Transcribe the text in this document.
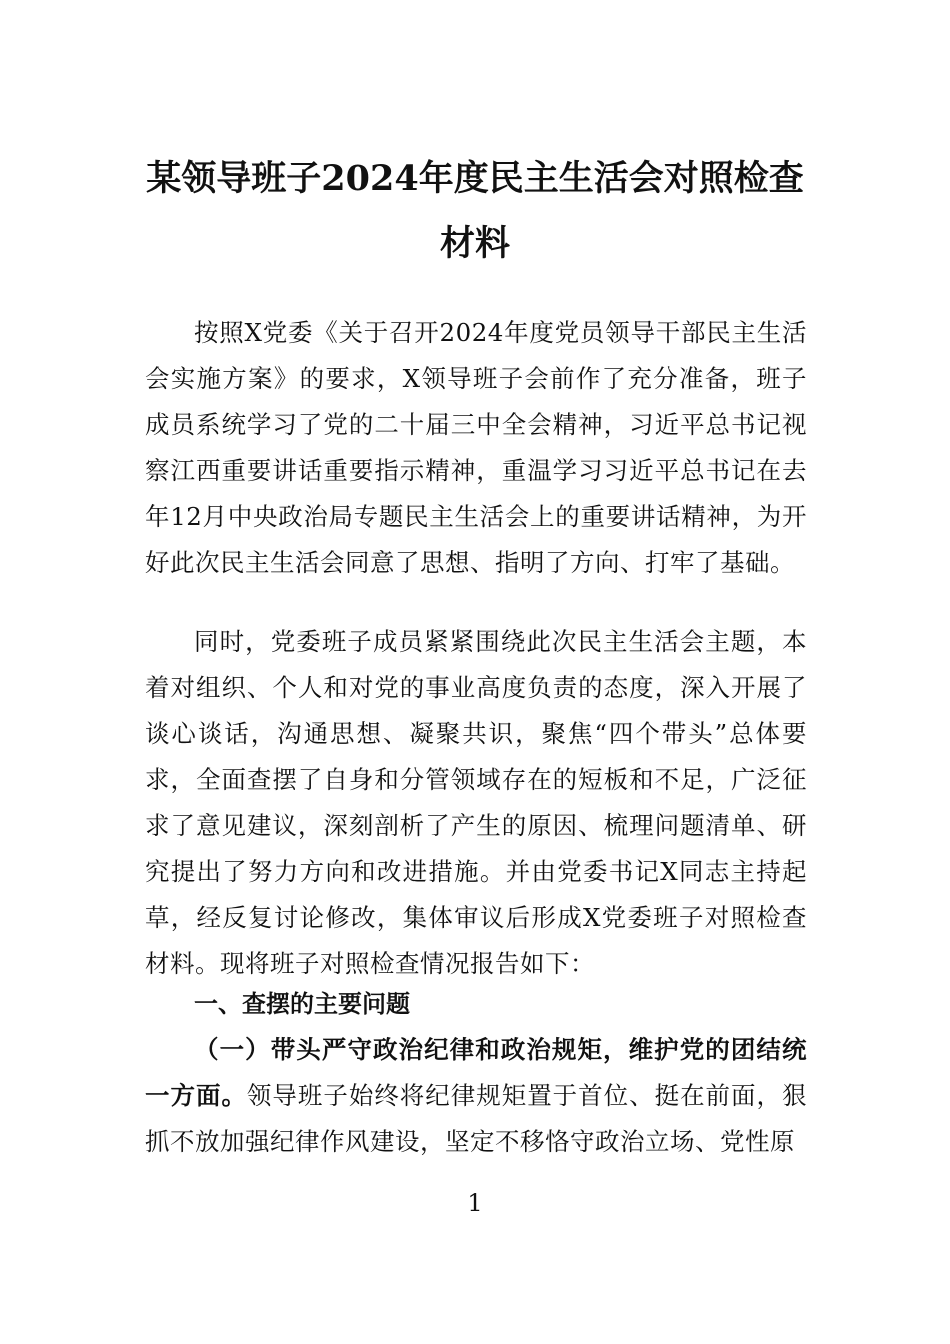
某领导班子2024年度民主生活会对照检查
材料

按照X党委《关于召开2024年度党员领导干部民主生活会实施方案》的要求，X领导班子会前作了充分准备，班子成员系统学习了党的二十届三中全会精神，习近平总书记视察江西重要讲话重要指示精神，重温学习习近平总书记在去年12月中央政治局专题民主生活会上的重要讲话精神，为开好此次民主生活会同意了思想、指明了方向、打牢了基础。

同时，党委班子成员紧紧围绕此次民主生活会主题，本着对组织、个人和对党的事业高度负责的态度，深入开展了谈心谈话，沟通思想、凝聚共识，聚焦“四个带头”总体要求，全面查摆了自身和分管领域存在的短板和不足，广泛征求了意见建议，深刻剖析了产生的原因、梳理问题清单、研究提出了努力方向和改进措施。并由党委书记X同志主持起草，经反复讨论修改，集体审议后形成X党委班子对照检查材料。现将班子对照检查情况报告如下：

一、查摆的主要问题

（一）带头严守政治纪律和政治规矩，维护党的团结统一方面。领导班子始终将纪律规矩置于首位、挺在前面，狠抓不放加强纪律作风建设，坚定不移恪守政治立场、党性原

1
